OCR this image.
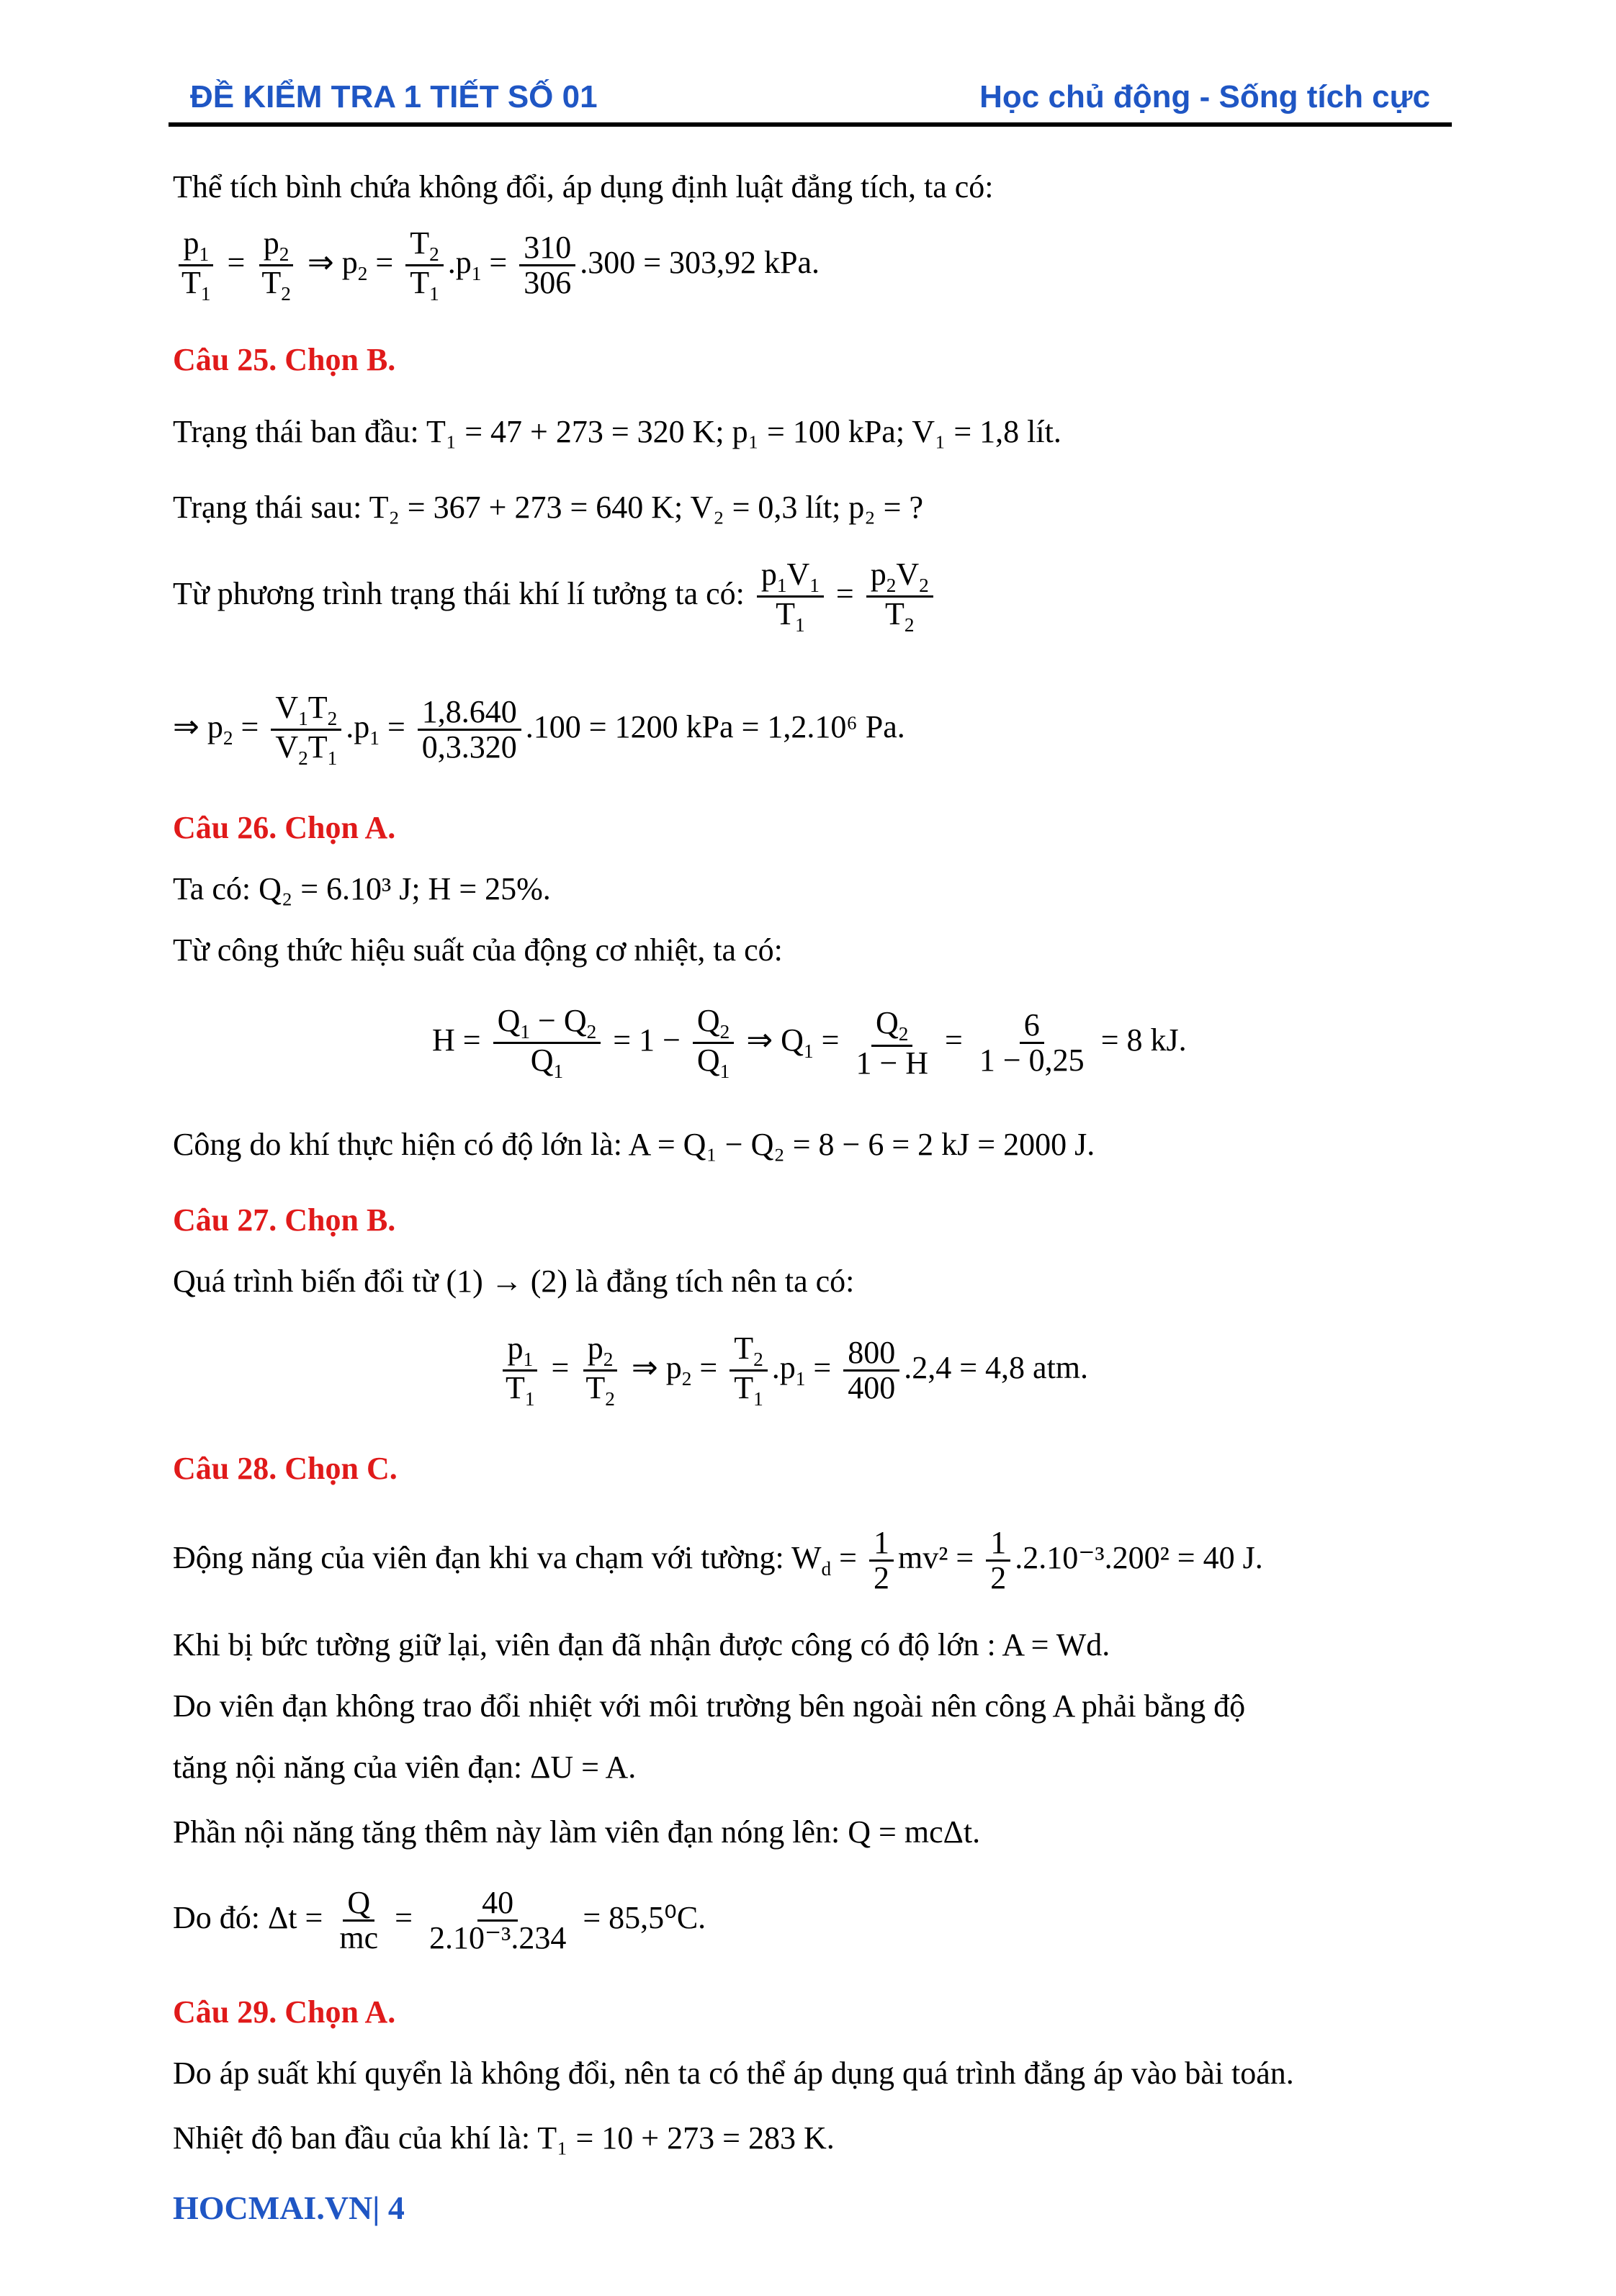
ĐỀ KIỂM TRA 1 TIẾT SỐ 01	Học chủ động - Sống tích cực
Thể tích bình chứa không đổi, áp dụng định luật đẳng tích, ta có:
$\frac{p_1}{T_1} = \frac{p_2}{T_2}$ ⇒ $p_2 = \frac{T_2}{T_1} .p_1 = \frac{310}{306} .300 = 303,92$ kPa.
Câu 25. Chọn B.
Trạng thái ban đầu: T₁ = 47 + 273 = 320 K; p₁ = 100 kPa; V₁ = 1,8 lít.
Trạng thái sau: T₂ = 367 + 273 = 640 K; V₂ = 0,3 lít; p₂ = ?
Từ phương trình trạng thái khí lí tưởng ta có: $\frac{p_1V_1}{T_1} = \frac{p_2V_2}{T_2}$
⇒ $p_2 = \frac{V_1T_2}{V_2T_1} .p_1 = \frac{1,8.640}{0,3.320} .100 = 1200$ kPa = 1,2.10⁶ Pa.
Câu 26. Chọn A.
Ta có: Q₂ = 6.10³ J; H = 25%.
Từ công thức hiệu suất của động cơ nhiệt, ta có:
$H = \frac{Q_1 - Q_2}{Q_1} = 1 - \frac{Q_2}{Q_1}$ ⇒ $Q_1 = \frac{Q_2}{1 - H} = \frac{6}{1 - 0,25} = 8$ kJ.
Công do khí thực hiện có độ lớn là: A = Q₁ − Q₂ = 8 − 6 = 2 kJ = 2000 J.
Câu 27. Chọn B.
Quá trình biến đổi từ (1) → (2) là đẳng tích nên ta có:
$\frac{p_1}{T_1} = \frac{p_2}{T_2}$ ⇒ $p_2 = \frac{T_2}{T_1} .p_1 = \frac{800}{400} .2,4 = 4,8$ atm.
Câu 28. Chọn C.
Động năng của viên đạn khi va chạm với tường: $W_d = \frac{1}{2} mv^2 = \frac{1}{2} .2.10^{-3}.200^2 = 40$ J.
Khi bị bức tường giữ lại, viên đạn đã nhận được công có độ lớn : A = Wd.
Do viên đạn không trao đổi nhiệt với môi trường bên ngoài nên công A phải bằng độ
tăng nội năng của viên đạn: ΔU = A.
Phần nội năng tăng thêm này làm viên đạn nóng lên: Q = mcΔt.
Do đó: $\Delta t = \frac{Q}{mc} = \frac{40}{\text{2.10⁻³.234}} = 85,5^0C$.
Câu 29. Chọn A.
Do áp suất khí quyển là không đổi, nên ta có thể áp dụng quá trình đẳng áp vào bài toán.
Nhiệt độ ban đầu của khí là: T₁ = 10 + 273 = 283 K.
HOCMAI.VN| 4
